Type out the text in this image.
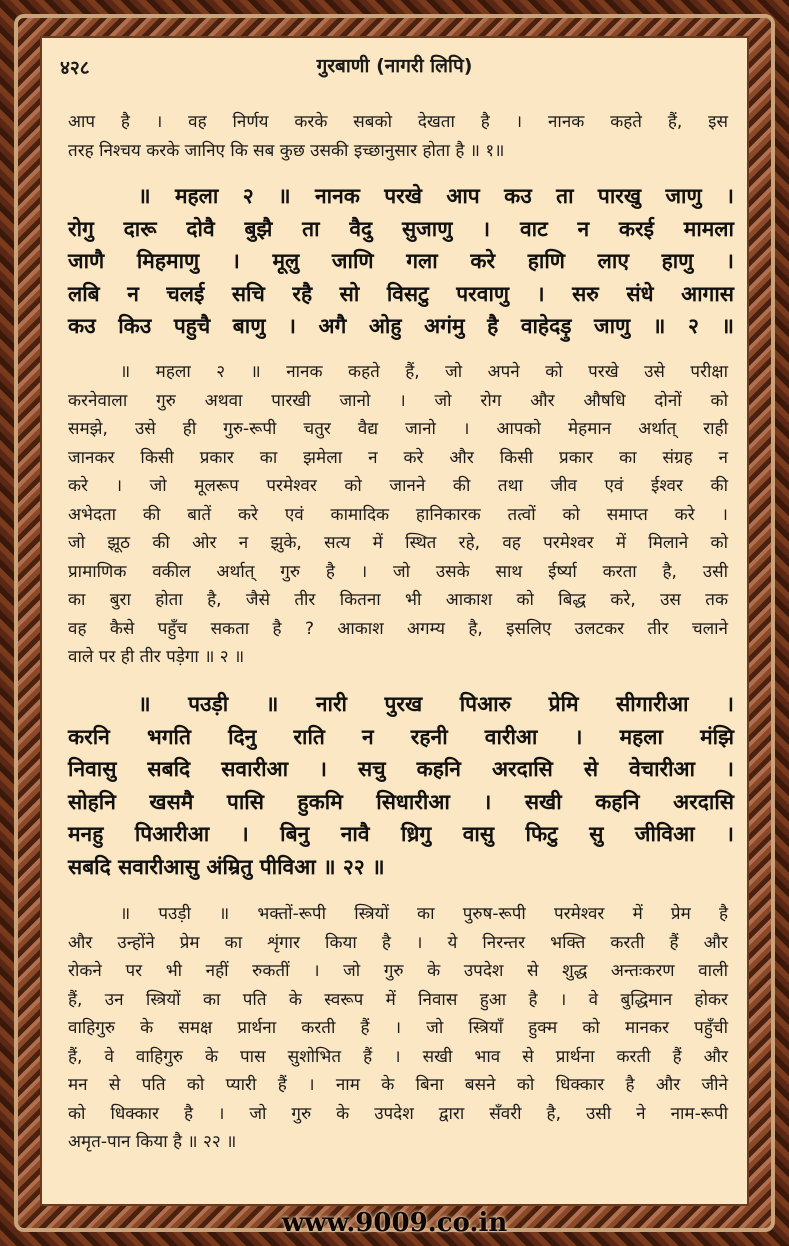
४२८	गुरबाणी (नागरी लिपि)
आप है । वह निर्णय करके सबको देखता है । नानक कहते हैं, इस
तरह निश्चय करके जानिए कि सब कुछ उसकी इच्छानुसार होता है ॥ १॥
॥ महला २ ॥ नानक परखे आप कउ ता पारखु जाणु ।
रोगु दारू दोवै बुझै ता वैदु सुजाणु । वाट न करई मामला
जाणै मिहमाणु । मूलु जाणि गला करे हाणि लाए हाणु ।
लबि न चलई सचि रहै सो विसटु परवाणु । सरु संधे आगास
कउ किउ पहुचै बाणु । अगै ओहु अगंमु है वाहेदड़ु जाणु ॥ २ ॥
॥ महला २ ॥ नानक कहते हैं, जो अपने को परखे उसे परीक्षा
करनेवाला गुरु अथवा पारखी जानो । जो रोग और औषधि दोनों को
समझे, उसे ही गुरु-रूपी चतुर वैद्य जानो । आपको मेहमान अर्थात् राही
जानकर किसी प्रकार का झमेला न करे और किसी प्रकार का संग्रह न
करे । जो मूलरूप परमेश्वर को जानने की तथा जीव एवं ईश्वर की
अभेदता की बातें करे एवं कामादिक हानिकारक तत्वों को समाप्त करे ।
जो झूठ की ओर न झुके, सत्य में स्थित रहे, वह परमेश्वर में मिलाने को
प्रामाणिक वकील अर्थात् गुरु है । जो उसके साथ ईर्ष्या करता है, उसी
का बुरा होता है, जैसे तीर कितना भी आकाश को बिद्ध करे, उस तक
वह कैसे पहुँच सकता है ? आकाश अगम्य है, इसलिए उलटकर तीर चलाने
वाले पर ही तीर पड़ेगा ॥ २ ॥
॥ पउड़ी ॥ नारी पुरख पिआरु प्रेमि सीगारीआ ।
करनि भगति दिनु राति न रहनी वारीआ । महला मंझि
निवासु सबदि सवारीआ । सचु कहनि अरदासि से वेचारीआ ।
सोहनि खसमै पासि हुकमि सिधारीआ । सखी कहनि अरदासि
मनहु पिआरीआ । बिनु नावै ध्रिगु वासु फिटु सु जीविआ ।
सबदि सवारीआसु अंम्रितु पीविआ ॥ २२ ॥
॥ पउड़ी ॥ भक्तों-रूपी स्त्रियों का पुरुष-रूपी परमेश्वर में प्रेम है
और उन्होंने प्रेम का शृंगार किया है । ये निरन्तर भक्ति करती हैं और
रोकने पर भी नहीं रुकतीं । जो गुरु के उपदेश से शुद्ध अन्तःकरण वाली
हैं, उन स्त्रियों का पति के स्वरूप में निवास हुआ है । वे बुद्धिमान होकर
वाहिगुरु के समक्ष प्रार्थना करती हैं । जो स्त्रियाँ हुक्म को मानकर पहुँची
हैं, वे वाहिगुरु के पास सुशोभित हैं । सखी भाव से प्रार्थना करती हैं और
मन से पति को प्यारी हैं । नाम के बिना बसने को धिक्कार है और जीने
को धिक्कार है । जो गुरु के उपदेश द्वारा सँवरी है, उसी ने नाम-रूपी
अमृत-पान किया है ॥ २२ ॥
www.9009.co.in
